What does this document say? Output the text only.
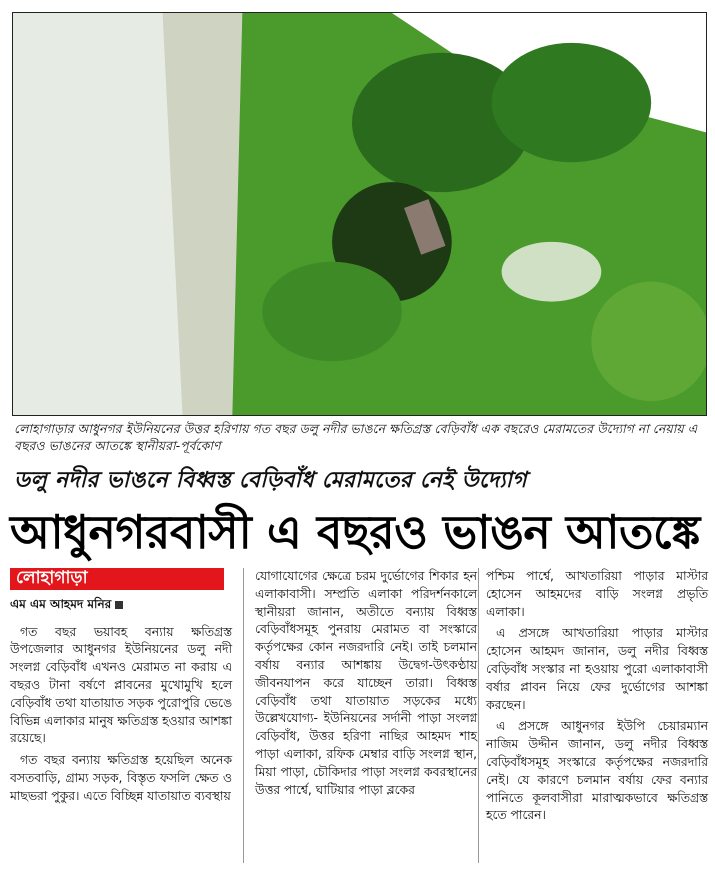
লোহাগাড়ার আধুনগর ইউনিয়নের উত্তর হরিণায় গত বছর ডলু নদীর ভাঙনে ক্ষতিগ্রস্ত বেড়িবাঁধ এক বছরেও মেরামতের উদ্যোগ না নেয়ায় এ বছরও ভাঙনের আতঙ্কে স্থানীয়রা-পূর্বকোণ
ডলু নদীর ভাঙনে বিধ্বস্ত বেড়িবাঁধ মেরামতের নেই উদ্যোগ
আধুনগরবাসী এ বছরও ভাঙন আতঙ্কে
লোহাগাড়া
এম এম আহমদ মনির

গত বছর ভয়াবহ বন্যায় ক্ষতিগ্রস্ত উপজেলার আধুনগর ইউনিয়নের ডলু নদী সংলগ্ন বেড়িবাঁধ এখনও মেরামত না করায় এ বছরও টানা বর্ষণে প্লাবনের মুখোমুখি হলে বেড়িবাঁধ তথা যাতায়াত সড়ক পুরোপুরি ভেঙে বিভিন্ন এলাকার মানুষ ক্ষতিগ্রস্ত হওয়ার আশঙ্কা রয়েছে।

গত বছর বন্যায় ক্ষতিগ্রস্ত হয়েছিল অনেক বসতবাড়ি, গ্রাম্য সড়ক, বিস্তৃত ফসলি ক্ষেত ও মাছভরা পুকুর। এতে বিচ্ছিন্ন যাতায়াত ব্যবস্থায়

যোগাযোগের ক্ষেত্রে চরম দুর্ভোগের শিকার হন এলাকাবাসী। সম্প্রতি এলাকা পরিদর্শনকালে স্থানীয়রা জানান, অতীতে বন্যায় বিধ্বস্ত বেড়িবাঁধসমূহ পুনরায় মেরামত বা সংস্কারে কর্তৃপক্ষের কোন নজরদারি নেই। তাই চলমান বর্ষায় বন্যার আশঙ্কায় উদ্বেগ-উৎকণ্ঠায় জীবনযাপন করে যাচ্ছেন তারা। বিধ্বস্ত বেড়িবাঁধ তথা যাতায়াত সড়কের মধ্যে উল্লেখযোগ্য- ইউনিয়নের সর্দানী পাড়া সংলগ্ন বেড়িবাঁধ, উত্তর হরিণা নাছির আহমদ শাহ পাড়া এলাকা, রফিক মেম্বার বাড়ি সংলগ্ন স্থান, মিয়া পাড়া, চৌকিদার পাড়া সংলগ্ন কবরস্থানের উত্তর পার্শ্বে, ঘাটিয়ার পাড়া ব্লকের

পশ্চিম পার্শ্বে, আখতারিয়া পাড়ার মাস্টার হোসেন আহমদের বাড়ি সংলগ্ন প্রভৃতি এলাকা।

এ প্রসঙ্গে আখতারিয়া পাড়ার মাস্টার হোসেন আহমদ জানান, ডলু নদীর বিধ্বস্ত বেড়িবাঁধ সংস্কার না হওয়ায় পুরো এলাকাবাসী বর্ষার প্লাবন নিয়ে ফের দুর্ভোগের আশঙ্কা করছেন।

এ প্রসঙ্গে আধুনগর ইউপি চেয়ারম্যান নাজিম উদ্দীন জানান, ডলু নদীর বিধ্বস্ত বেড়িবাঁধসমূহ সংস্কারে কর্তৃপক্ষের নজরদারি নেই। যে কারণে চলমান বর্ষায় ফের বন্যার পানিতে কূলবাসীরা মারাত্মকভাবে ক্ষতিগ্রস্ত হতে পারেন।
